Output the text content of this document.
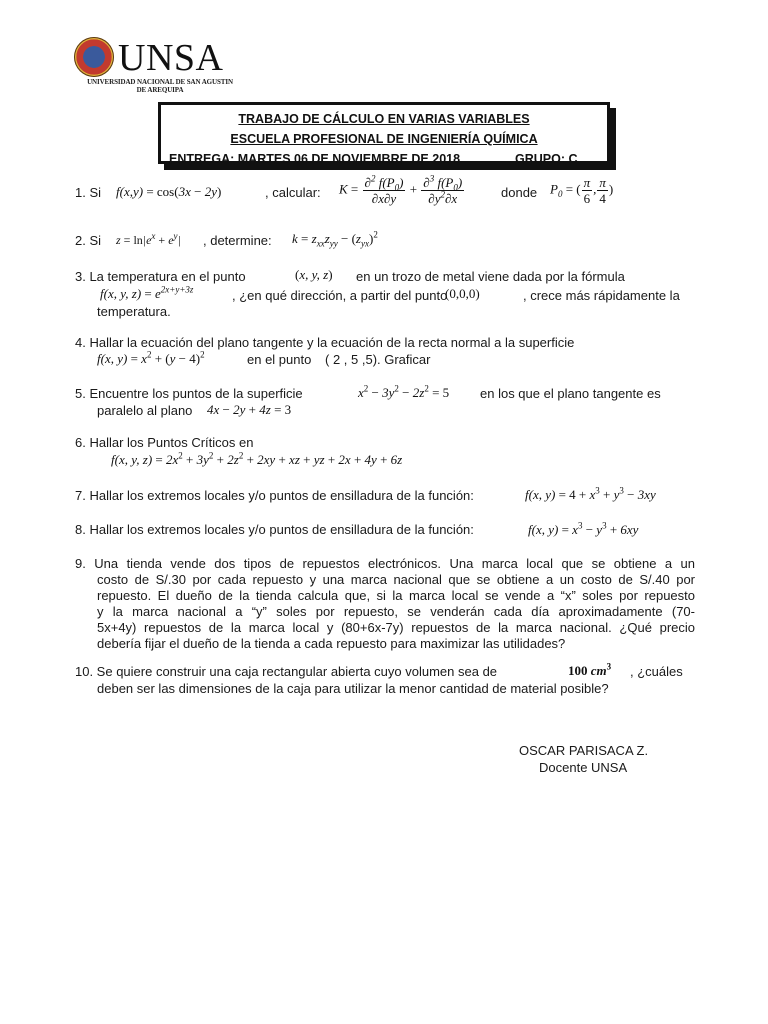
UNSA
UNIVERSIDAD NACIONAL DE SAN AGUSTIN
DE AREQUIPA
TRABAJO DE CÁLCULO EN VARIAS VARIABLES
ESCUELA PROFESIONAL DE INGENIERÍA QUÍMICA
ENTREGA: MARTES 06 DE NOVIEMBRE DE 2018	GRUPO: C
1. Si f(x,y) = cos(3x − 2y)	, calcular: $K = \frac{\partial^2 f(P_0)}{\partial x\partial y} + \frac{\partial^3 f(P_0)}{\partial y^2\partial x}$	donde $P_0$ = ( $\frac{\pi}{6}$ , $\frac{\pi}{4}$ )
2. Si $z = \ln|e^x + e^y|$ , determine: $k = z_{xx}z_{yy} - (z_{yx})^2$
3. La temperatura en el punto	(x, y, z) en un trozo de metal viene dada por la fórmula
f(x, y, $z) = e^{2x+y+3z}$	, ¿en qué dirección, a partir del punto
(0,0,0)	, crece más rápidamente la
temperatura.
4. Hallar la ecuación del plano tangente y la ecuación de la recta normal a la superficie
f(x, $y) = x^2 + (y - 4)^2$	en el punto ( 2 , 5 ,5). Graficar
5. Encuentre los puntos de la superficie	$x^2 - 3y^2 - 2z^2 = 5$ en los que el plano tangente es
paralelo al plano 4x − 2y + 4z = 3
6. Hallar los Puntos Críticos en
f(x, y, $z) = 2x^2 + 3y^2 + 2z^2 + 2xy$ + xz + yz + 2x + 4y + 6z
7. Hallar los extremos locales y/o puntos de ensilladura de la función:	f(x, $y) = 4 + x^3 + y^3 - 3xy$
8. Hallar los extremos locales y/o puntos de ensilladura de la función:	f(x, $y) = x^3 - y^3 + 6xy$
9. Una tienda vende dos tipos de repuestos electrónicos. Una marca local que se obtiene a un
costo de S/.30 por cada repuesto y una marca nacional que se obtiene a un costo de S/.40 por
repuesto. El dueño de la tienda calcula que, si la marca local se vende a “x” soles por repuesto
y la marca nacional a “y” soles por repuesto, se venderán cada día aproximadamente (70-
5x+4y) repuestos de la marca local y (80+6x-7y) repuestos de la marca nacional. ¿Qué precio
debería fijar el dueño de la tienda a cada repuesto para maximizar las utilidades?
10. Se quiere construir una caja rectangular abierta cuyo volumen sea de	100 $cm^3$ , ¿cuáles
deben ser las dimensiones de la caja para utilizar la menor cantidad de material posible?
OSCAR PARISACA Z.
Docente UNSA
